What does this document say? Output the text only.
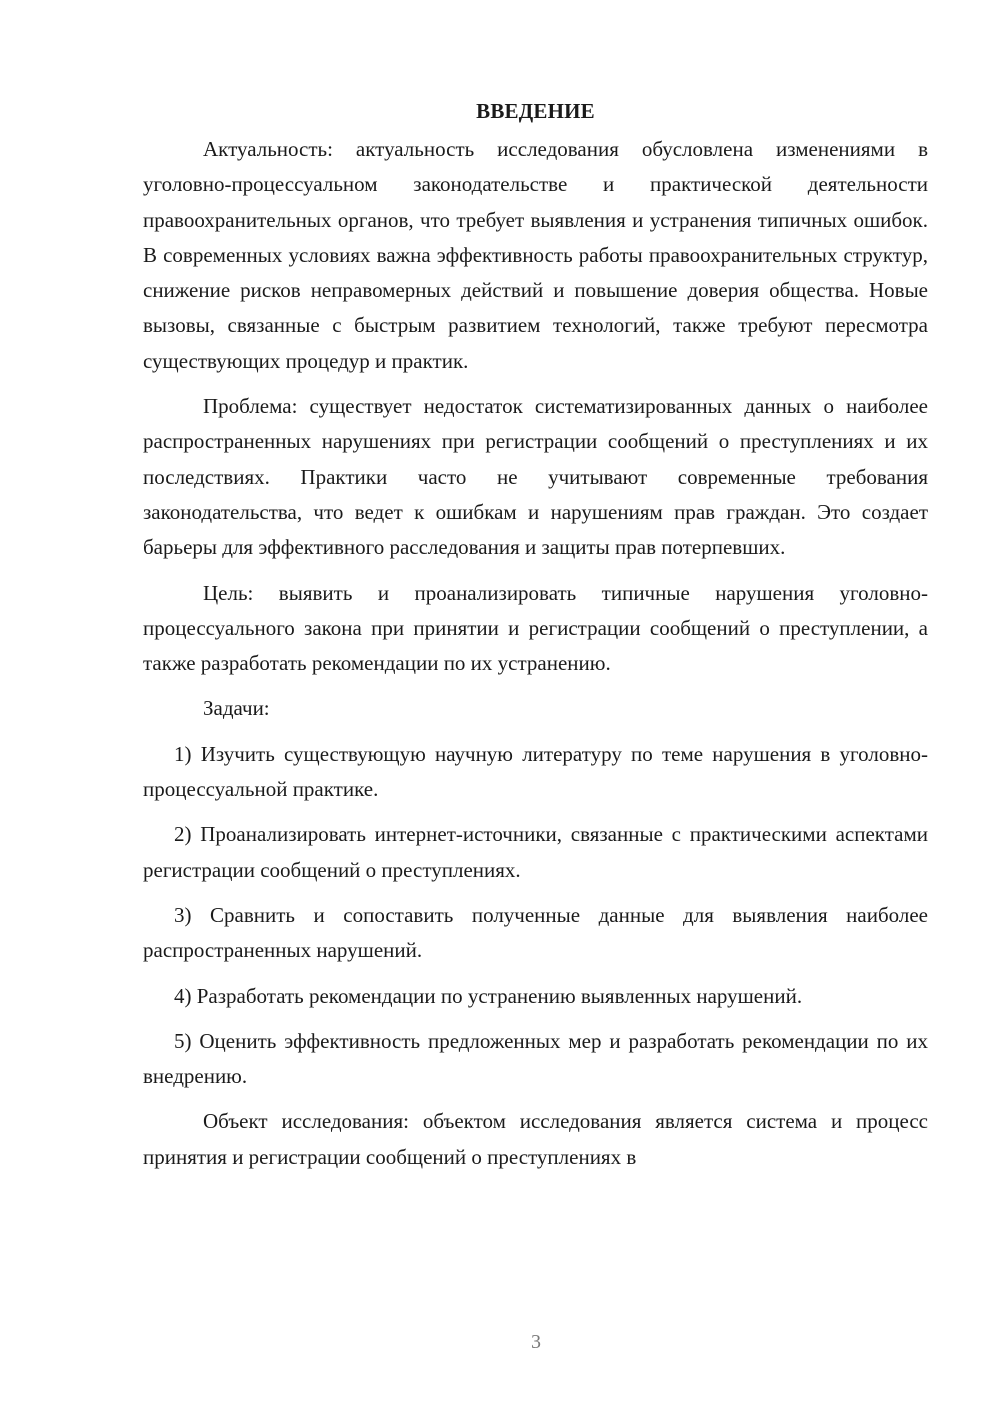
ВВЕДЕНИЕ

Актуальность: актуальность исследования обусловлена изменениями в уголовно-процессуальном законодательстве и практической деятельности правоохранительных органов, что требует выявления и устранения типичных ошибок. В современных условиях важна эффективность работы правоохранительных структур, снижение рисков неправомерных действий и повышение доверия общества. Новые вызовы, связанные с быстрым развитием технологий, также требуют пересмотра существующих процедур и практик.

Проблема: существует недостаток систематизированных данных о наиболее распространенных нарушениях при регистрации сообщений о преступлениях и их последствиях. Практики часто не учитывают современные требования законодательства, что ведет к ошибкам и нарушениям прав граждан. Это создает барьеры для эффективного расследования и защиты прав потерпевших.

Цель: выявить и проанализировать типичные нарушения уголовно-процессуального закона при принятии и регистрации сообщений о преступлении, а также разработать рекомендации по их устранению.

Задачи:

1) Изучить существующую научную литературу по теме нарушения в уголовно-процессуальной практике.

2) Проанализировать интернет-источники, связанные с практическими аспектами регистрации сообщений о преступлениях.

3) Сравнить и сопоставить полученные данные для выявления наиболее распространенных нарушений.

4) Разработать рекомендации по устранению выявленных нарушений.

5) Оценить эффективность предложенных мер и разработать рекомендации по их внедрению.

Объект исследования: объектом исследования является система и процесс принятия и регистрации сообщений о преступлениях в

3
